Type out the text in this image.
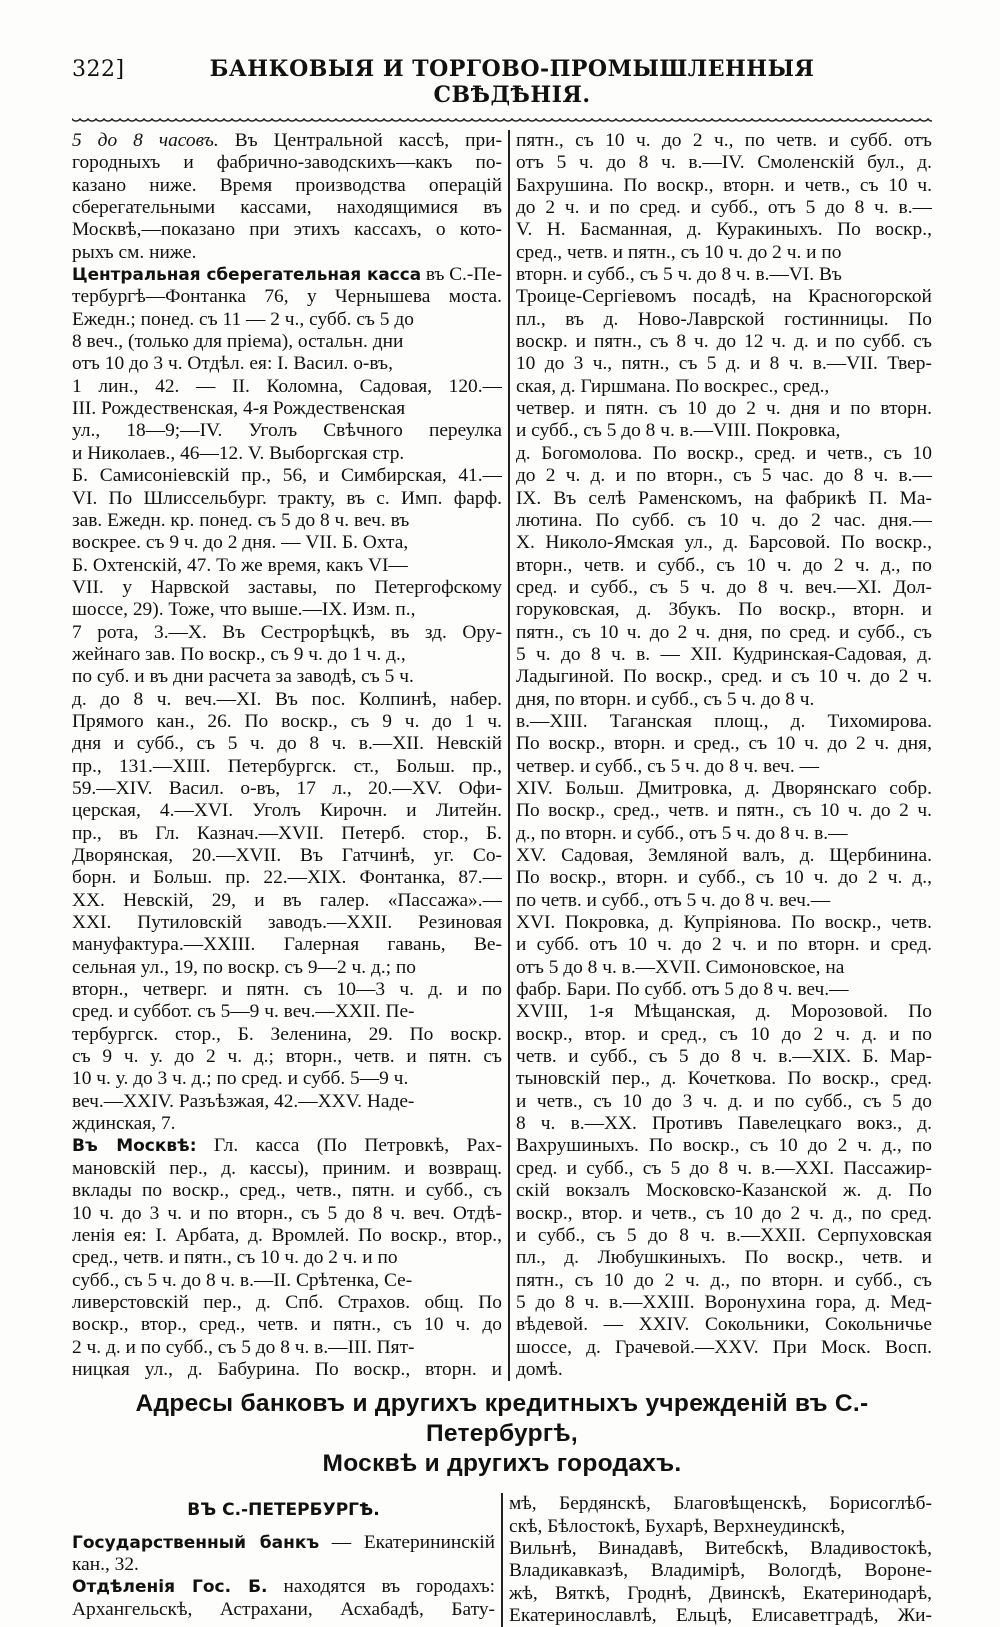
322]	БАНКОВЫЯ И ТОРГОВО-ПРОМЫШЛЕННЫЯ СВѢДѢНІЯ.
5 до 8 часовъ. Въ Центральной кассѣ, при-
городныхъ и фабрично-заводскихъ—какъ по-
казано ниже. Время производства операцій
сберегательными кассами, находящимися въ
Москвѣ,—показано при этихъ кассахъ, о кото-
рыхъ см. ниже.
Центральная сберегательная касса въ С.-Пе-
тербургѣ—Фонтанка 76, у Чернышева моста.
Ежедн.; понед. съ 11 — 2 ч., субб. съ 5 до
8 веч., (только для пріема), остальн. дни
отъ 10 до 3 ч. Отдѣл. ея: I. Васил. о-въ,
1 лин., 42. — II. Коломна, Садовая, 120.—
III. Рождественская, 4-я Рождественская
ул., 18—9;—IV. Уголъ Свѣчного переулка
и Николаев., 46—12. V. Выборгская стр.
Б. Самисоніевскій пр., 56, и Симбирская, 41.—
VI. По Шлиссельбург. тракту, въ с. Имп. фарф.
зав. Ежедн. кр. понед. съ 5 до 8 ч. веч. въ
воскрее. съ 9 ч. до 2 дня. — VII. Б. Охта,
Б. Охтенскій, 47. То же время, какъ VI—
VII. у Нарвской заставы, по Петергофскому
шоссе, 29). Тоже, что выше.—IX. Изм. п.,
7 рота, 3.—X. Въ Сестрорѣцкѣ, въ зд. Ору-
жейнаго зав. По воскр., съ 9 ч. до 1 ч. д.,
по суб. и въ дни расчета за заводѣ, съ 5 ч.
д. до 8 ч. веч.—XI. Въ пос. Колпинѣ, набер.
Прямого кан., 26. По воскр., съ 9 ч. до 1 ч.
дня и субб., съ 5 ч. до 8 ч. в.—XII. Невскій
пр., 131.—XIII. Петербургск. ст., Больш. пр.,
59.—XIV. Васил. о-въ, 17 л., 20.—XV. Офи-
церская, 4.—XVI. Уголъ Кирочн. и Литейн.
пр., въ Гл. Казнач.—XVII. Петерб. стор., Б.
Дворянская, 20.—XVII. Въ Гатчинѣ, уг. Со-
борн. и Больш. пр. 22.—XIX. Фонтанка, 87.—
XX. Невскій, 29, и въ галер. «Пассажа».—
XXI. Путиловскій заводъ.—XXII. Резиновая
мануфактура.—XXIII. Галерная гавань, Ве-
сельная ул., 19, по воскр. съ 9—2 ч. д.; по
вторн., четверг. и пятн. съ 10—3 ч. д. и по
сред. и суббот. съ 5—9 ч. веч.—XXII. Пе-
тербургск. стор., Б. Зеленина, 29. По воскр.
съ 9 ч. у. до 2 ч. д.; вторн., четв. и пятн. съ
10 ч. у. до 3 ч. д.; по сред. и субб. 5—9 ч.
веч.—XXIV. Разъѣзжая, 42.—XXV. Наде-
ждинская, 7.
Въ Москвѣ: Гл. касса (По Петровкѣ, Рах-
мановскій пер., д. кассы), приним. и возвращ.
вклады по воскр., сред., четв., пятн. и субб., съ
10 ч. до 3 ч. и по вторн., съ 5 до 8 ч. веч. Отдѣ-
ленія ея: I. Арбата, д. Вромлей. По воскр., втор.,
сред., четв. и пятн., съ 10 ч. до 2 ч. и по
субб., съ 5 ч. до 8 ч. в.—II. Срѣтенка, Се-
ливерстовскій пер., д. Спб. Страхов. общ. По
воскр., втор., сред., четв. и пятн., съ 10 ч. до
2 ч. д. и по субб., съ 5 до 8 ч. в.—III. Пят-
ницкая ул., д. Бабурина. По воскр., вторн. и
пятн., съ 10 ч. до 2 ч., по четв. и субб. отъ
отъ 5 ч. до 8 ч. в.—IV. Смоленскій бул., д.
Бахрушина. По воскр., вторн. и четв., съ 10 ч.
до 2 ч. и по сред. и субб., отъ 5 до 8 ч. в.—
V. Н. Басманная, д. Куракиныхъ. По воскр.,
сред., четв. и пятн., съ 10 ч. до 2 ч. и по
вторн. и субб., съ 5 ч. до 8 ч. в.—VI. Въ
Троице-Сергіевомъ посадѣ, на Красногорской
пл., въ д. Ново-Лаврской гостинницы. По
воскр. и пятн., съ 8 ч. до 12 ч. д. и по субб. съ
10 до 3 ч., пятн., съ 5 д. и 8 ч. в.—VII. Твер-
ская, д. Гиршмана. По воскрес., сред.,
четвер. и пятн. съ 10 до 2 ч. дня и по вторн.
и субб., съ 5 до 8 ч. в.—VIII. Покровка,
д. Богомолова. По воскр., сред. и четв., съ 10
до 2 ч. д. и по вторн., съ 5 час. до 8 ч. в.—
IX. Въ селѣ Раменскомъ, на фабрикѣ П. Ма-
лютина. По субб. съ 10 ч. до 2 час. дня.—
X. Николо-Ямская ул., д. Барсовой. По воскр.,
вторн., четв. и субб., съ 10 ч. до 2 ч. д., по
сред. и субб., съ 5 ч. до 8 ч. веч.—XI. Дол-
горуковская, д. Збукъ. По воскр., вторн. и
пятн., съ 10 ч. до 2 ч. дня, по сред. и субб., съ
5 ч. до 8 ч. в. — XII. Кудринская-Садовая, д.
Ладыгиной. По воскр., сред. и съ 10 ч. до 2 ч.
дня, по вторн. и субб., съ 5 ч. до 8 ч.
в.—XIII. Таганская площ., д. Тихомирова.
По воскр., вторн. и сред., съ 10 ч. до 2 ч. дня,
четвер. и субб., съ 5 ч. до 8 ч. веч. —
XIV. Больш. Дмитровка, д. Дворянскаго собр.
По воскр., сред., четв. и пятн., съ 10 ч. до 2 ч.
д., по вторн. и субб., отъ 5 ч. до 8 ч. в.—
XV. Садовая, Земляной валъ, д. Щербинина.
По воскр., вторн. и субб., съ 10 ч. до 2 ч. д.,
по четв. и субб., отъ 5 ч. до 8 ч. веч.—
XVI. Покровка, д. Купріянова. По воскр., четв.
и субб. отъ 10 ч. до 2 ч. и по вторн. и сред.
отъ 5 до 8 ч. в.—XVII. Симоновское, на
фабр. Бари. По субб. отъ 5 до 8 ч. веч.—
XVIII, 1-я Мѣщанская, д. Морозовой. По
воскр., втор. и сред., съ 10 до 2 ч. д. и по
четв. и субб., съ 5 до 8 ч. в.—XIX. Б. Мар-
тыновскій пер., д. Кочеткова. По воскр., сред.
и четв., съ 10 до 3 ч. д. и по субб., съ 5 до
8 ч. в.—XX. Противъ Павелецкаго вокз., д.
Вахрушиныхъ. По воскр., съ 10 до 2 ч. д., по
сред. и субб., съ 5 до 8 ч. в.—XXI. Пассажир-
скій вокзалъ Московско-Казанской ж. д. По
воскр., втор. и четв., съ 10 до 2 ч. д., по сред.
и субб., съ 5 до 8 ч. в.—XXII. Серпуховская
пл., д. Любушкиныхъ. По воскр., четв. и
пятн., съ 10 до 2 ч. д., по вторн. и субб., съ
5 до 8 ч. в.—XXIII. Воронухина гора, д. Мед-
вѣдевой. — XXIV. Сокольники, Сокольничье
шоссе, д. Грачевой.—XXV. При Моск. Восп.
домѣ.
Адресы банковъ и другихъ кредитныхъ учрежденій въ С.-Петербургѣ,
Москвѣ и другихъ городахъ.
ВЪ С.-ПЕТЕРБУРГѢ.
Государственный банкъ — Екатерининскій
кан., 32.
Отдѣленія Гос. Б. находятся въ городахъ:
Архангельскѣ, Астрахани, Асхабадѣ, Бату-
мѣ, Бердянскѣ, Благовѣщенскѣ, Борисоглѣб-
скѣ, Бѣлостокѣ, Бухарѣ, Верхнеудинскѣ,
Вильнѣ, Винадавѣ, Витебскѣ, Владивостокѣ,
Владикавказѣ, Владимірѣ, Вологдѣ, Вороне-
жѣ, Вяткѣ, Гроднѣ, Двинскѣ, Екатеринодарѣ,
Екатеринославлѣ, Ельцѣ, Елисаветградѣ, Жи-
